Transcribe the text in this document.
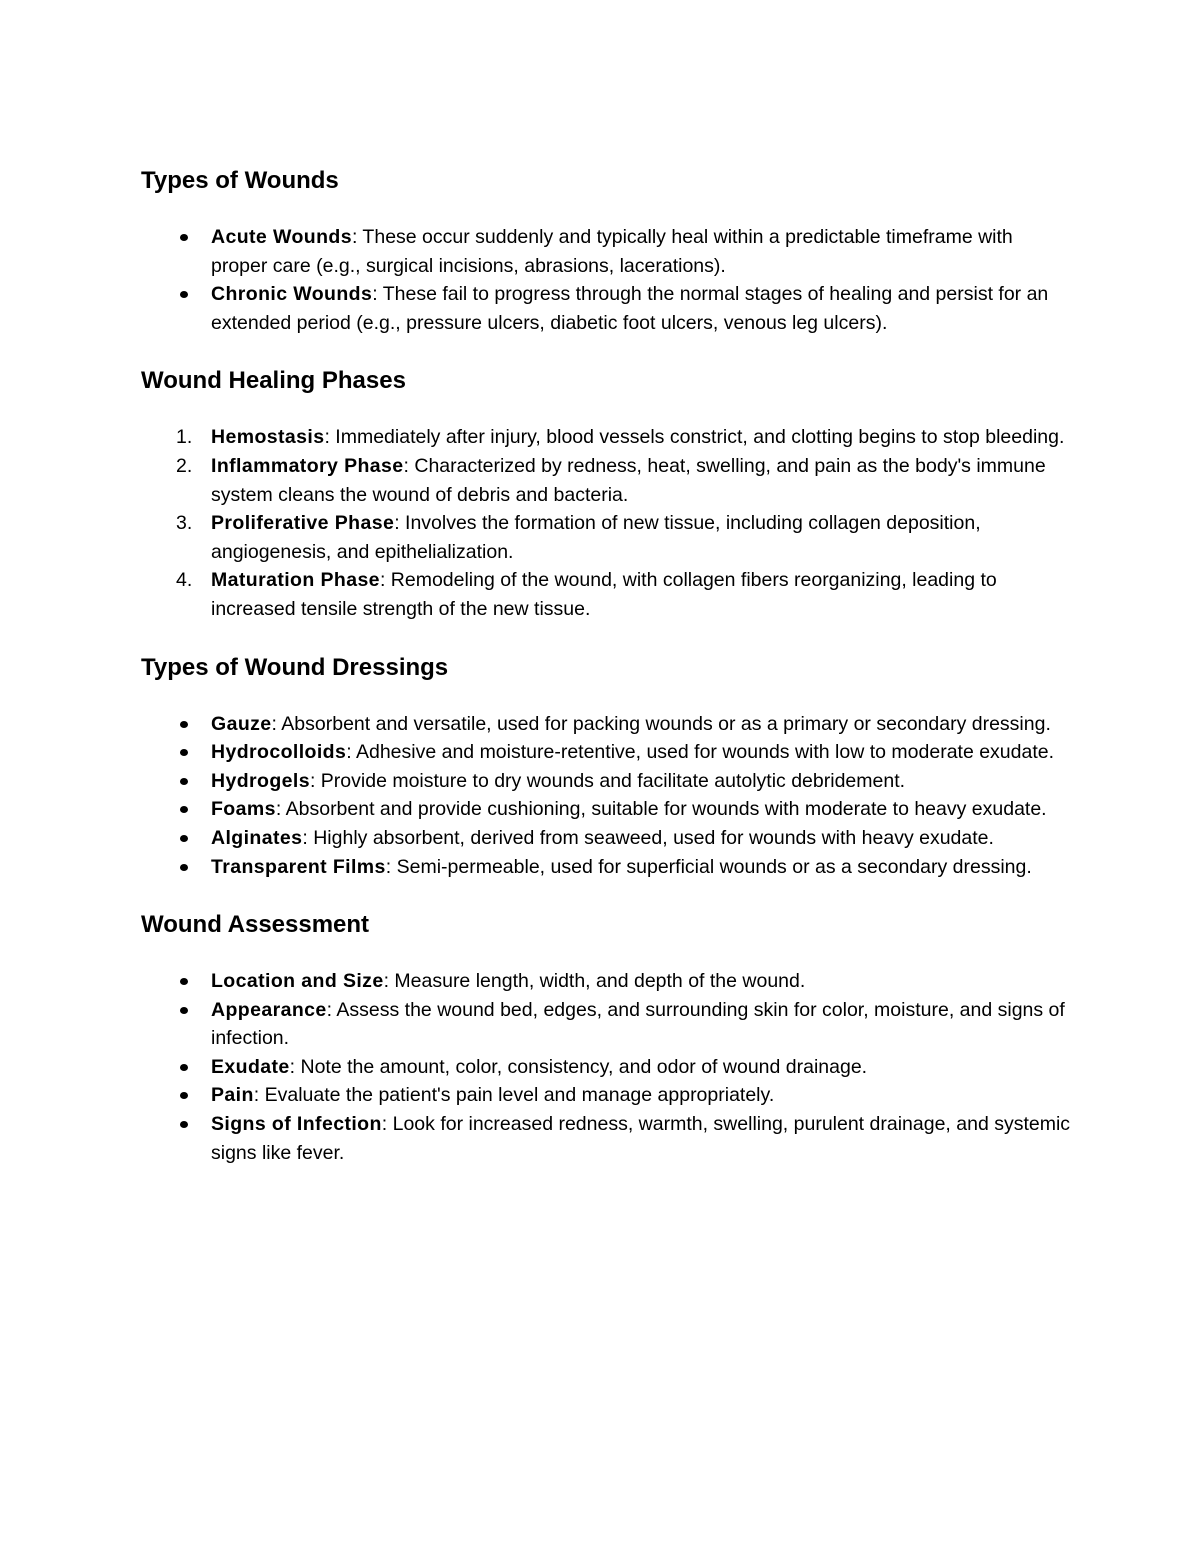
Types of Wounds
Acute Wounds: These occur suddenly and typically heal within a predictable timeframe with proper care (e.g., surgical incisions, abrasions, lacerations).
Chronic Wounds: These fail to progress through the normal stages of healing and persist for an extended period (e.g., pressure ulcers, diabetic foot ulcers, venous leg ulcers).
Wound Healing Phases
1. Hemostasis: Immediately after injury, blood vessels constrict, and clotting begins to stop bleeding.
2. Inflammatory Phase: Characterized by redness, heat, swelling, and pain as the body's immune system cleans the wound of debris and bacteria.
3. Proliferative Phase: Involves the formation of new tissue, including collagen deposition, angiogenesis, and epithelialization.
4. Maturation Phase: Remodeling of the wound, with collagen fibers reorganizing, leading to increased tensile strength of the new tissue.
Types of Wound Dressings
Gauze: Absorbent and versatile, used for packing wounds or as a primary or secondary dressing.
Hydrocolloids: Adhesive and moisture-retentive, used for wounds with low to moderate exudate.
Hydrogels: Provide moisture to dry wounds and facilitate autolytic debridement.
Foams: Absorbent and provide cushioning, suitable for wounds with moderate to heavy exudate.
Alginates: Highly absorbent, derived from seaweed, used for wounds with heavy exudate.
Transparent Films: Semi-permeable, used for superficial wounds or as a secondary dressing.
Wound Assessment
Location and Size: Measure length, width, and depth of the wound.
Appearance: Assess the wound bed, edges, and surrounding skin for color, moisture, and signs of infection.
Exudate: Note the amount, color, consistency, and odor of wound drainage.
Pain: Evaluate the patient's pain level and manage appropriately.
Signs of Infection: Look for increased redness, warmth, swelling, purulent drainage, and systemic signs like fever.
